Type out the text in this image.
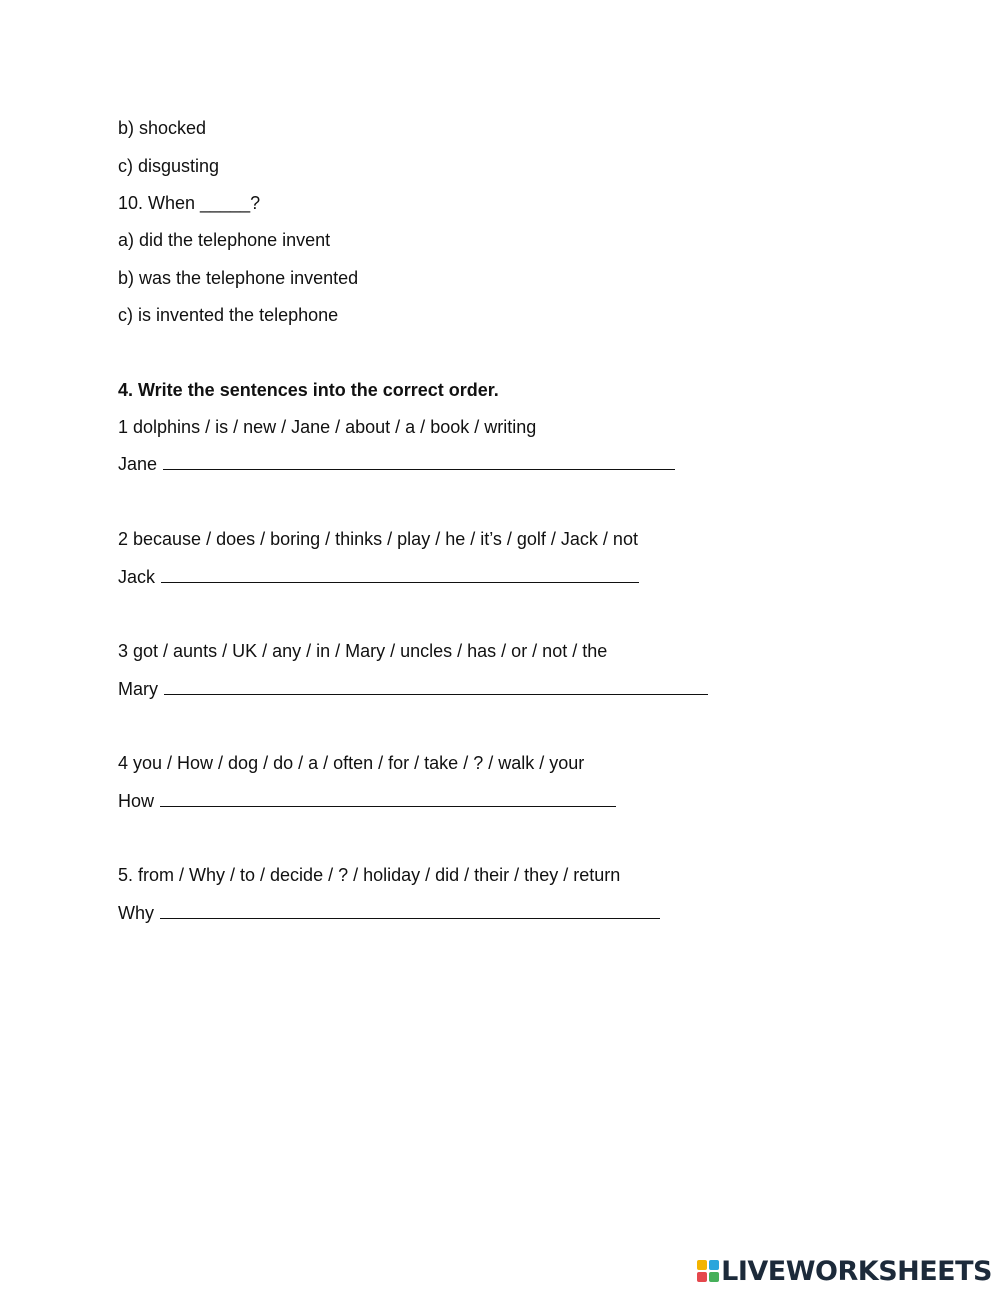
b) shocked
c) disgusting
10. When _____?
a) did the telephone invent
b) was the telephone invented
c) is invented the telephone
4. Write the sentences into the correct order.
1 dolphins / is / new / Jane / about / a / book / writing
Jane
2 because / does / boring / thinks / play / he / it’s / golf / Jack / not
Jack
3 got / aunts / UK / any / in / Mary / uncles / has / or / not / the
Mary
4 you / How / dog / do / a / often / for / take / ? / walk / your
How
5. from / Why / to / decide / ? / holiday / did / their / they / return
Why
LIVEWORKSHEETS
